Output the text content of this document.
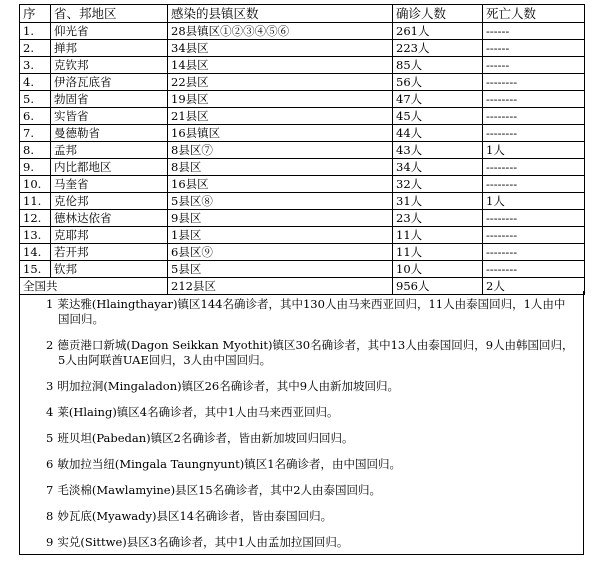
序	省、邦地区	感染的县镇区数	确诊人数	死亡人数
1.	仰光省	28县镇区①②③④⑤⑥	261人	------
2.	掸邦	34县区	223人	------
3.	克钦邦	14县区	85人	------
4.	伊洛瓦底省	22县区	56人	--------
5.	勃固省	19县区	47人	--------
6.	实皆省	21县区	45人	--------
7.	曼德勒省	16县镇区	44人	--------
8.	孟邦	8县区⑦	43人	1人
9.	内比都地区	8县区	34人	--------
10.	马奎省	16县区	32人	--------
11.	克伦邦	5县区⑧	31人	1人
12.	德林达依省	9县区	23人	--------
13.	克耶邦	1县区	11人	--------
14.	若开邦	6县区⑨	11人	--------
15.	钦邦	5县区	10人	--------
全国共		212县区	956人	2人
1 莱达雅(Hlaingthayar)镇区144名确诊者，其中130人由马来西亚回归，11人由泰国回归，1人由中国回归。
2 德贡港口新城(Dagon Seikkan Myothit)镇区30名确诊者，其中13人由泰国回归，9人由韩国回归，5人由阿联酋UAE回归，3人由中国回归。
3 明加拉洞(Mingaladon)镇区26名确诊者，其中9人由新加坡回归。
4 莱(Hlaing)镇区4名确诊者，其中1人由马来西亚回归。
5 班贝坦(Pabedan)镇区2名确诊者，皆由新加坡回归回归。
6 敏加拉当纽(Mingala Taungnyunt)镇区1名确诊者，由中国回归。
7 毛淡棉(Mawlamyine)县区15名确诊者，其中2人由泰国回归。
8 妙瓦底(Myawady)县区14名确诊者，皆由泰国回归。
9 实兑(Sittwe)县区3名确诊者，其中1人由孟加拉国回归。
